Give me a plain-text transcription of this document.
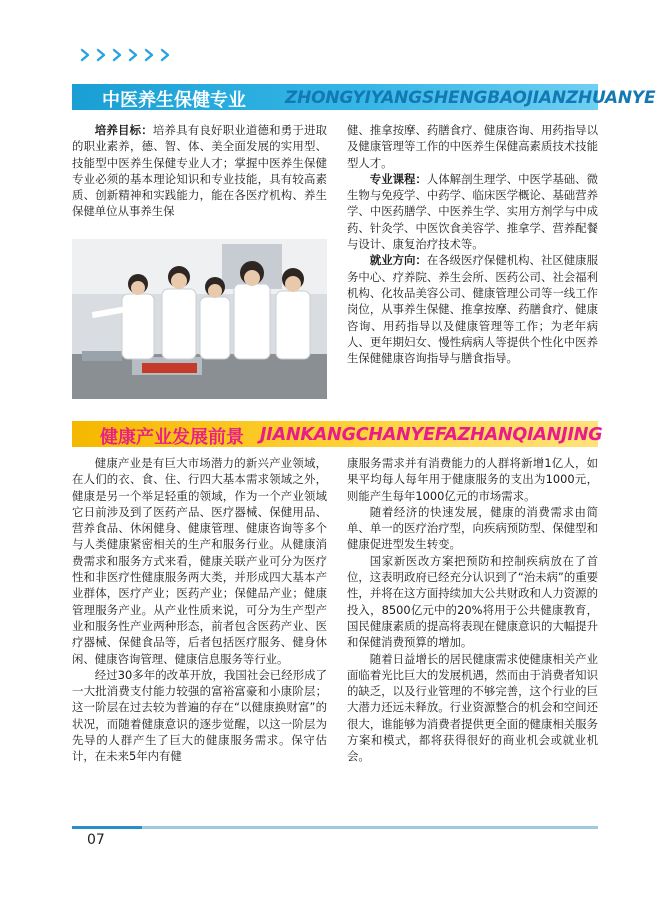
中医养生保健专业 ZHONGYIYANGSHENGBAOJIANZHUANYE

培养目标：培养具有良好职业道德和勇于进取的职业素养，德、智、体、美全面发展的实用型、技能型中医养生保健专业人才；掌握中医养生保健专业必须的基本理论知识和专业技能，具有较高素质、创新精神和实践能力，能在各医疗机构、养生保健单位从事养生保

健、推拿按摩、药膳食疗、健康咨询、用药指导以及健康管理等工作的中医养生保健高素质技术技能型人才。

专业课程：人体解剖生理学、中医学基础、微生物与免疫学、中药学、临床医学概论、基础营养学、中医药膳学、中医养生学、实用方剂学与中成药、针灸学、中医饮食美容学、推拿学、营养配餐与设计、康复治疗技术等。

就业方向：在各级医疗保健机构、社区健康服务中心、疗养院、养生会所、医药公司、社会福利机构、化妆品美容公司、健康管理公司等一线工作岗位，从事养生保健、推拿按摩、药膳食疗、健康咨询、用药指导以及健康管理等工作；为老年病人、更年期妇女、慢性病病人等提供个性化中医养生保健健康咨询指导与膳食指导。

健康产业发展前景 JIANKANGCHANYEFAZHANQIANJING

健康产业是有巨大市场潜力的新兴产业领域，在人们的衣、食、住、行四大基本需求领域之外，健康是另一个举足轻重的领域，作为一个产业领域它日前涉及到了医药产品、医疗器械、保健用品、营养食品、休闲健身、健康管理、健康咨询等多个与人类健康紧密相关的生产和服务行业。从健康消费需求和服务方式来看，健康关联产业可分为医疗性和非医疗性健康服务两大类，并形成四大基本产业群体，医疗产业；医药产业；保健品产业；健康管理服务产业。从产业性质来说，可分为生产型产业和服务性产业两种形态，前者包含医药产业、医疗器械、保健食品等，后者包括医疗服务、健身休闲、健康咨询管理、健康信息服务等行业。

经过30多年的改革开放，我国社会已经形成了一大批消费支付能力较强的富裕富豪和小康阶层；这一阶层在过去较为普遍的存在“以健康换财富”的状况，而随着健康意识的逐步觉醒，以这一阶层为先导的人群产生了巨大的健康服务需求。保守估计，在未来5年内有健

康服务需求并有消费能力的人群将新增1亿人，如果平均每人每年用于健康服务的支出为1000元，则能产生每年1000亿元的市场需求。

随着经济的快速发展，健康的消费需求由简单、单一的医疗治疗型，向疾病预防型、保健型和健康促进型发生转变。

国家新医改方案把预防和控制疾病放在了首位，这表明政府已经充分认识到了“治未病”的重要性，并将在这方面持续加大公共财政和人力资源的投入，8500亿元中的20%将用于公共健康教育，国民健康素质的提高将表现在健康意识的大幅提升和保健消费预算的增加。

随着日益增长的居民健康需求使健康相关产业面临着光比巨大的发展机遇，然而由于消费者知识的缺乏，以及行业管理的不够完善，这个行业的巨大潜力还远未释放。行业资源整合的机会和空间还很大，谁能够为消费者提供更全面的健康相关服务方案和模式，都将获得很好的商业机会或就业机会。

07
